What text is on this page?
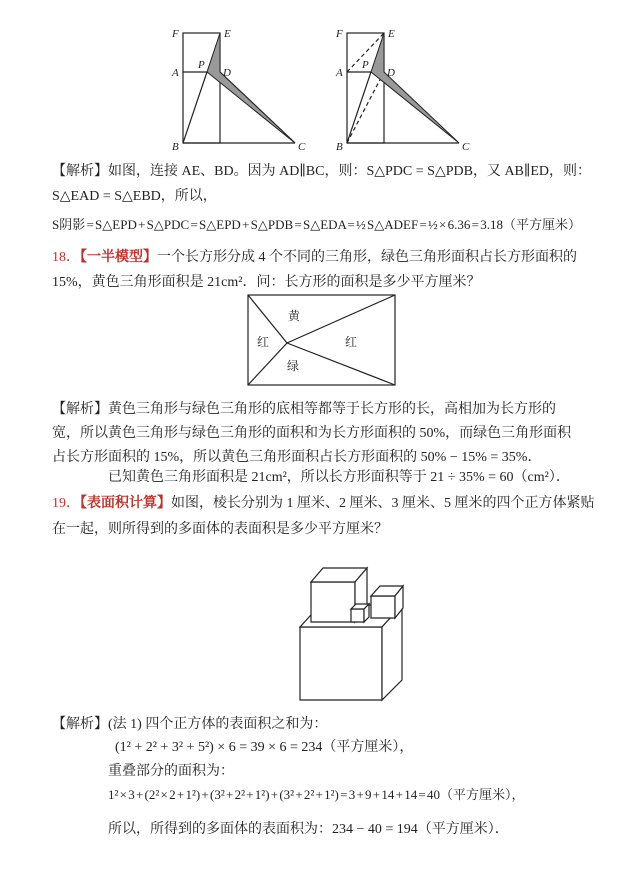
F	E
A
P
D
B	C
F	E
A
P
D
B	C
【解析】如图，连接 AE、BD。因为 AD∥BC，则：S△PDC = S△PDB，又 AB∥ED，则：
S△EAD = S△EBD，所以，
S阴影 = S△EPD + S△PDC = S△EPD + S△PDB = S△EDA = ½ S△ADEF = ½ × 6.36 = 3.18（平方厘米）
18．【一半模型】一个长方形分成 4 个不同的三角形，绿色三角形面积占长方形面积的
15%，黄色三角形面积是 21cm²．问：长方形的面积是多少平方厘米？
黄
红	红
绿
【解析】黄色三角形与绿色三角形的底相等都等于长方形的长，高相加为长方形的
宽，所以黄色三角形与绿色三角形的面积和为长方形面积的 50%，而绿色三角形面积
占长方形面积的 15%，所以黄色三角形面积占长方形面积的 50% − 15% = 35%．
已知黄色三角形面积是 21cm²，所以长方形面积等于 21 ÷ 35% = 60（cm²）．
19．【表面积计算】如图，棱长分别为 1 厘米、2 厘米、3 厘米、5 厘米的四个正方体紧贴
在一起，则所得到的多面体的表面积是多少平方厘米？
【解析】(法 1) 四个正方体的表面积之和为：
(1² + 2² + 3² + 5²) × 6 = 39 × 6 = 234（平方厘米），
重叠部分的面积为：
1² × 3 + (2² × 2 + 1²) + (3² + 2² + 1²) + (3² + 2² + 1²) = 3 + 9 + 14 + 14 = 40（平方厘米），
所以，所得到的多面体的表面积为：234 − 40 = 194（平方厘米）．
